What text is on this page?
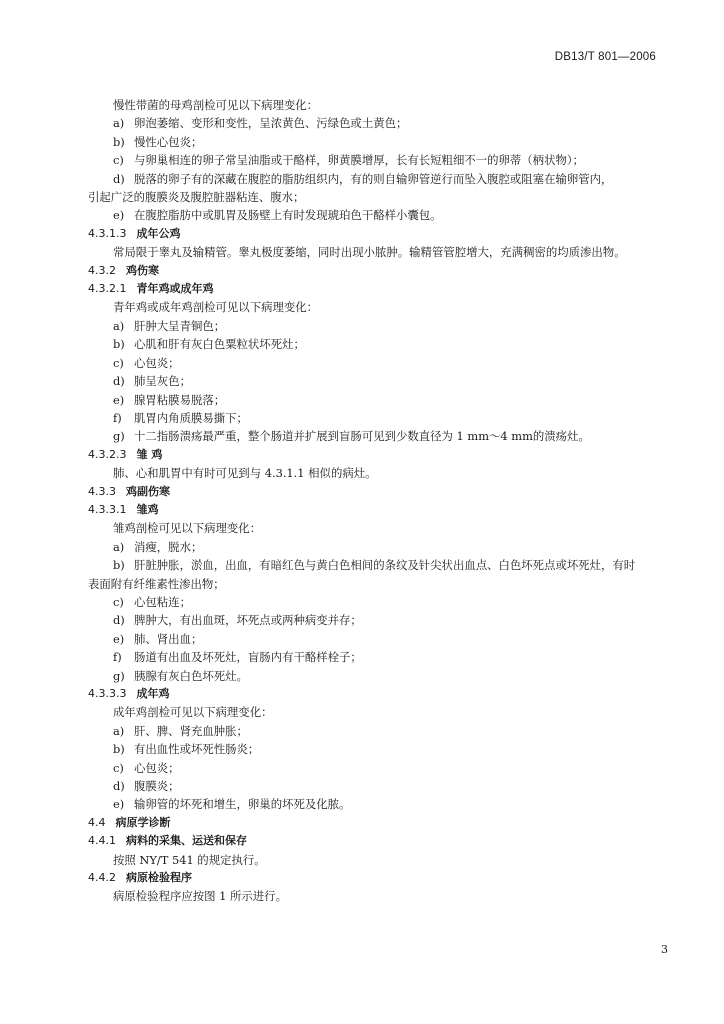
DB13/T 801—2006
慢性带菌的母鸡剖检可见以下病理变化：
a) 卵泡萎缩、变形和变性，呈浓黄色、污绿色或土黄色；
b) 慢性心包炎；
c) 与卵巢相连的卵子常呈油脂或干酪样，卵黄膜增厚，长有长短粗细不一的卵蒂（柄状物）；
d) 脱落的卵子有的深藏在腹腔的脂肪组织内，有的则自输卵管逆行而坠入腹腔或阻塞在输卵管内，
引起广泛的腹膜炎及腹腔脏器粘连、腹水；
e) 在腹腔脂肪中或肌胃及肠壁上有时发现琥珀色干酪样小囊包。
4.3.1.3 成年公鸡
常局限于睾丸及输精管。睾丸极度萎缩，同时出现小脓肿。输精管管腔增大，充满稠密的均质渗出物。
4.3.2 鸡伤寒
4.3.2.1 青年鸡或成年鸡
青年鸡或成年鸡剖检可见以下病理变化：
a) 肝肿大呈青铜色；
b) 心肌和肝有灰白色粟粒状坏死灶；
c) 心包炎；
d) 肺呈灰色；
e) 腺胃粘膜易脱落；
f) 肌胃内角质膜易撕下；
g) 十二指肠溃疡最严重，整个肠道并扩展到盲肠可见到少数直径为 1 mm～4 mm的溃疡灶。
4.3.2.3 雏 鸡
肺、心和肌胃中有时可见到与 4.3.1.1 相似的病灶。
4.3.3 鸡副伤寒
4.3.3.1 雏鸡
雏鸡剖检可见以下病理变化：
a) 消瘦，脱水；
b) 肝脏肿胀，淤血，出血，有暗红色与黄白色相间的条纹及针尖状出血点、白色坏死点或坏死灶，有时
表面附有纤维素性渗出物；
c) 心包粘连；
d) 脾肿大，有出血斑，坏死点或两种病变并存；
e) 肺、肾出血；
f) 肠道有出血及坏死灶，盲肠内有干酪样栓子；
g) 胰腺有灰白色坏死灶。
4.3.3.3 成年鸡
成年鸡剖检可见以下病理变化：
a) 肝、脾、肾充血肿胀；
b) 有出血性或坏死性肠炎；
c) 心包炎；
d) 腹膜炎；
e) 输卵管的坏死和增生，卵巢的坏死及化脓。
4.4 病原学诊断
4.4.1 病料的采集、运送和保存
按照 NY/T 541 的规定执行。
4.4.2 病原检验程序
病原检验程序应按图 1 所示进行。
3
